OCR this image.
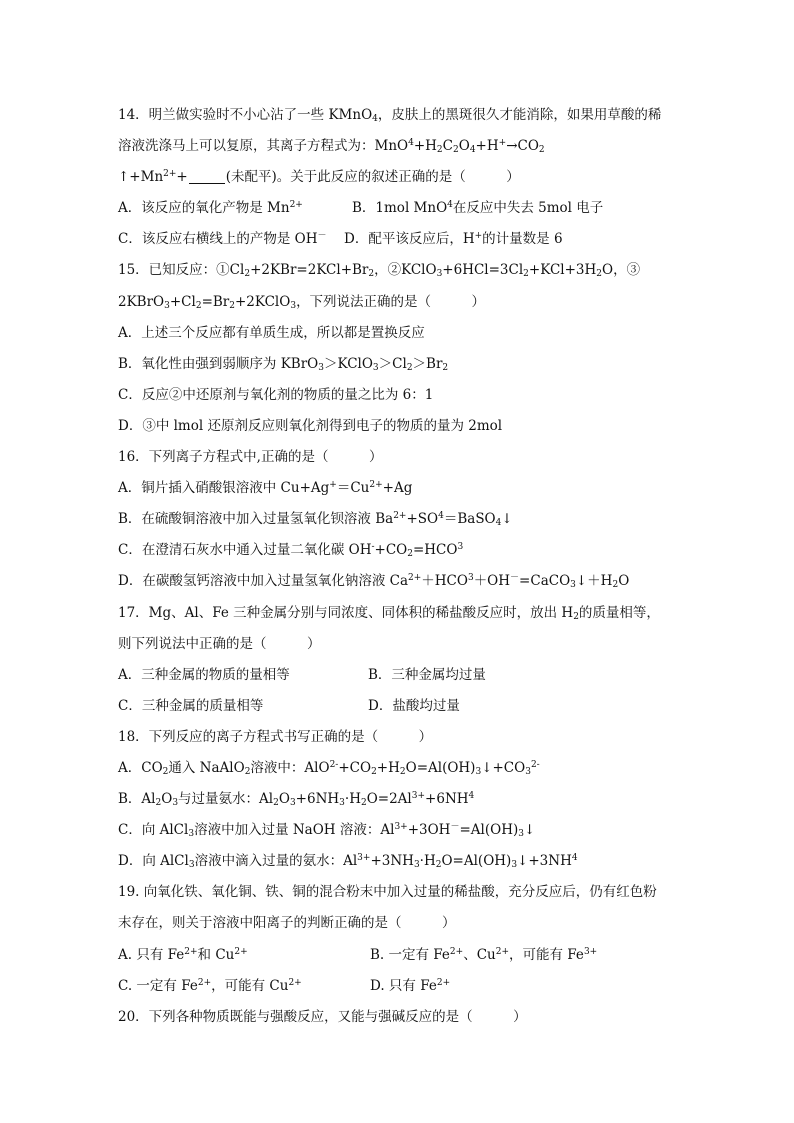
14．明兰做实验时不小心沾了一些 KMnO$_4$，皮肤上的黑斑很久才能消除，如果用草酸的稀
溶液洗涤马上可以复原，其离子方程式为：$MnO^4+H_2C_2O_4+H^+\to CO_2$
$↑+Mn^{2+}+$	(未配平)。关于此反应的叙述正确的是（　　　）
A．该反应的氧化产物是 $Mn^{2+}$	B．1mol MnO$^4$在反应中失去 5mol 电子
C．该反应右横线上的产物是 OH－	D．配平该反应后，H+的计量数是 6
15．已知反应：$①Cl_2+2KBr=2KCl+Br_2$，$②KClO_3+6HCl=3Cl_2+KCl+3H_2O$，③
$2KBrO_3+Cl_2=Br_2+2KClO_3$，下列说法正确的是（　　　）
A．上述三个反应都有单质生成，所以都是置换反应
B．氧化性由强到弱顺序为 $KBrO_3>KClO_3>Cl_2>Br_2$
C．反应②中还原剂与氧化剂的物质的量之比为 6：1
D．③中 lmol 还原剂反应则氧化剂得到电子的物质的量为 2mol
16．下列离子方程式中,正确的是（　　　）
A．铜片插入硝酸银溶液中 $Cu+Ag^+=Cu^{2+}+Ag$
B．在硫酸铜溶液中加入过量氢氧化钡溶液 $Ba^{2+}+SO^4=BaSO_4↓$
C．在澄清石灰水中通入过量二氧化碳 $OH^-+CO_2=HCO^3$
D．在碳酸氢钙溶液中加入过量氢氧化钠溶液 $Ca^{2+}+HCO^3+OH^-=CaCO_3↓+H_2O$
17．Mg、Al、Fe 三种金属分别与同浓度、同体积的稀盐酸反应时，放出 $H_2$的质量相等，
则下列说法中正确的是（　　　）
A．三种金属的物质的量相等	B．三种金属均过量
C．三种金属的质量相等	D．盐酸均过量
18．下列反应的离子方程式书写正确的是（　　　）
A．$CO_2$通入 NaAlO$_2$溶液中：$AlO^{2-}+CO_2+H_2O=Al(OH)_3↓+CO_3^{2-}$
B．$Al_2O_3$与过量氨水：$Al_2O_3+6NH_3\cdot H_2O=2Al^{3+}+6NH^4$
C．向 AlCl$_3$溶液中加入过量 NaOH 溶液：$Al^{3+}+3OH^-=Al(OH)_3↓$
D．向 AlCl$_3$溶液中滴入过量的氨水：$Al^{3+}+3NH_3\cdot H_2O=Al(OH)_3↓+3NH^4$
19. 向氧化铁、氧化铜、铁、铜的混合粉末中加入过量的稀盐酸，充分反应后，仍有红色粉
末存在，则关于溶液中阳离子的判断正确的是（　　　）
A. 只有 $Fe^{2+}$和 $Cu^{2+}$	B. 一定有 $Fe^{2+}$、$Cu^{2+}$，可能有 $Fe^{3+}$
C. 一定有 $Fe^{2+}$，可能有 $Cu^{2+}$	D. 只有 $Fe^{2+}$
20．下列各种物质既能与强酸反应，又能与强碱反应的是（　　　）
